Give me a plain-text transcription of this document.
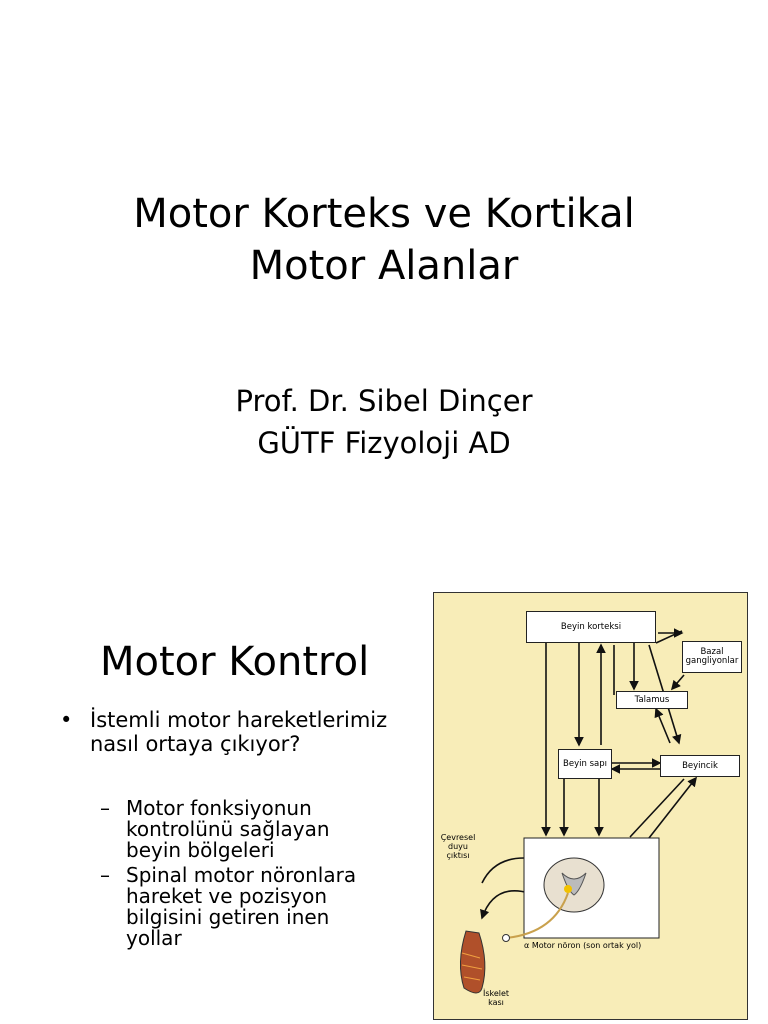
Motor Korteks ve Kortikal
Motor Alanlar
Prof. Dr. Sibel Dinçer
GÜTF Fizyoloji AD
Motor Kontrol
• İstemli motor hareketlerimiz nasıl ortaya çıkıyor?
– Motor fonksiyonun kontrolünü sağlayan beyin bölgeleri
– Spinal motor nöronlara hareket ve pozisyon bilgisini getiren inen yollar
Beyin korteksi
Bazal gangliyonlar
Talamus
Beyin sapı	Beyincik
Çevresel duyu çıktısı
α Motor nöron (son ortak yol)
İskelet kası
